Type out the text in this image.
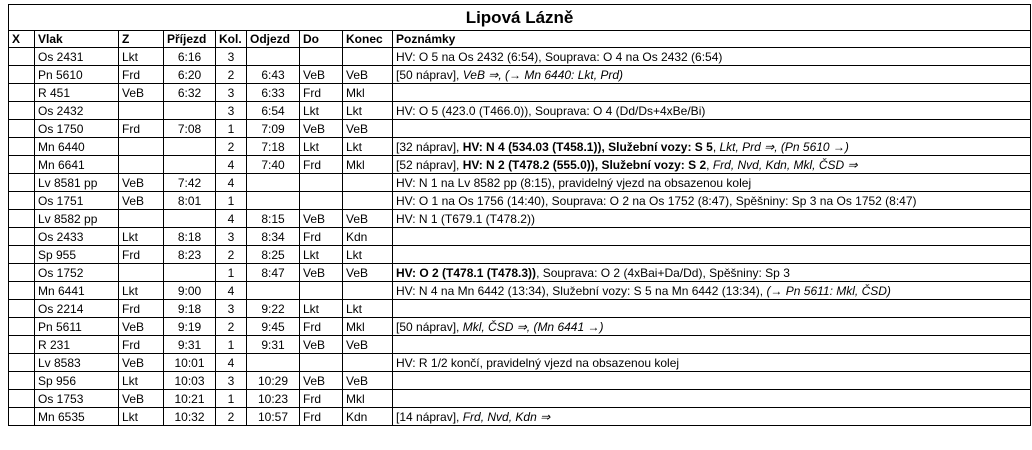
Lipová Lázně								
X	Vlak	Z	Příjezd	Kol.	Odjezd	Do	Konec	Poznámky
	Os 2431	Lkt	6:16	3				HV: O 5 na Os 2432 (6:54), Souprava: O 4 na Os 2432 (6:54)
	Pn 5610	Frd	6:20	2	6:43	VeB	VeB	[50 náprav], VeB ⇒, (→ Mn 6440: Lkt, Prd)
	R 451	VeB	6:32	3	6:33	Frd	Mkl	
	Os 2432			3	6:54	Lkt	Lkt	HV: O 5 (423.0 (T466.0)), Souprava: O 4 (Dd/Ds+4xBe/Bi)
	Os 1750	Frd	7:08	1	7:09	VeB	VeB	
	Mn 6440			2	7:18	Lkt	Lkt	[32 náprav], HV: N 4 (534.03 (T458.1)), Služební vozy: S 5, Lkt, Prd ⇒, (Pn 5610 →)
	Mn 6641			4	7:40	Frd	Mkl	[52 náprav], HV: N 2 (T478.2 (555.0)), Služební vozy: S 2, Frd, Nvd, Kdn, Mkl, ČSD ⇒
	Lv 8581 pp	VeB	7:42	4				HV: N 1 na Lv 8582 pp (8:15), pravidelný vjezd na obsazenou kolej
	Os 1751	VeB	8:01	1				HV: O 1 na Os 1756 (14:40), Souprava: O 2 na Os 1752 (8:47), Spěšniny: Sp 3 na Os 1752 (8:47)
	Lv 8582 pp			4	8:15	VeB	VeB	HV: N 1 (T679.1 (T478.2))
	Os 2433	Lkt	8:18	3	8:34	Frd	Kdn	
	Sp 955	Frd	8:23	2	8:25	Lkt	Lkt	
	Os 1752			1	8:47	VeB	VeB	HV: O 2 (T478.1 (T478.3)), Souprava: O 2 (4xBai+Da/Dd), Spěšniny: Sp 3
	Mn 6441	Lkt	9:00	4				HV: N 4 na Mn 6442 (13:34), Služební vozy: S 5 na Mn 6442 (13:34), (→ Pn 5611: Mkl, ČSD)
	Os 2214	Frd	9:18	3	9:22	Lkt	Lkt	
	Pn 5611	VeB	9:19	2	9:45	Frd	Mkl	[50 náprav], Mkl, ČSD ⇒, (Mn 6441 →)
	R 231	Frd	9:31	1	9:31	VeB	VeB	
	Lv 8583	VeB	10:01	4				HV: R 1/2 končí, pravidelný vjezd na obsazenou kolej
	Sp 956	Lkt	10:03	3	10:29	VeB	VeB	
	Os 1753	VeB	10:21	1	10:23	Frd	Mkl	
	Mn 6535	Lkt	10:32	2	10:57	Frd	Kdn	[14 náprav], Frd, Nvd, Kdn ⇒
